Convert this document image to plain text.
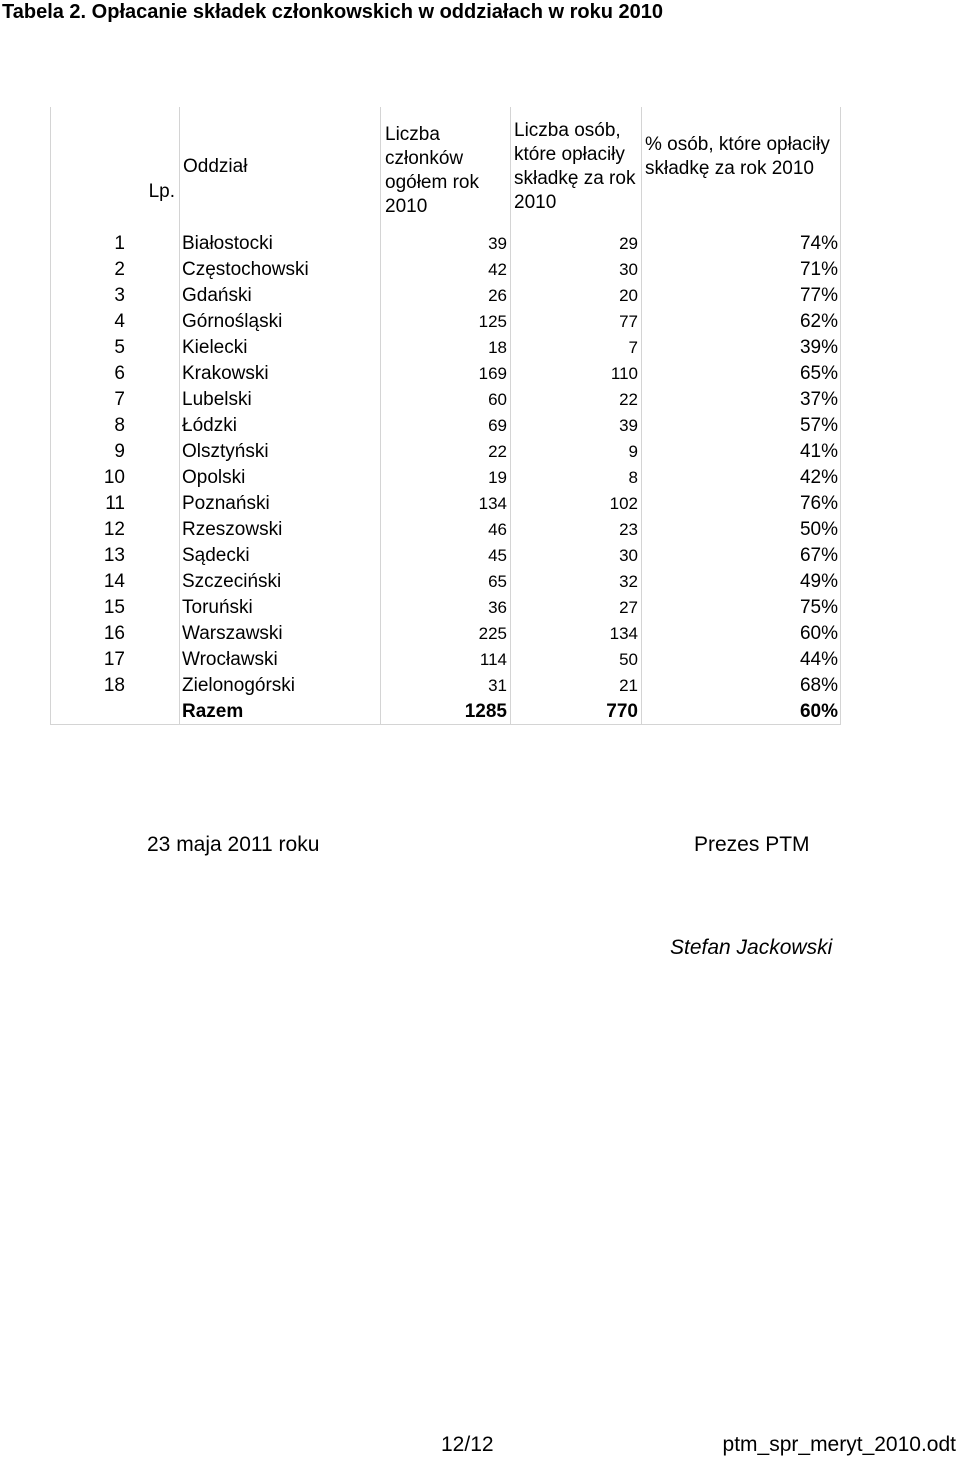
Tabela 2. Opłacanie składek członkowskich w oddziałach w roku 2010
Lp.	Oddział	Liczba członków ogółem rok 2010	Liczba osób, które opłaciły składkę za rok 2010	% osób, które opłaciły składkę za rok 2010

1	Białostocki	39	29	74%
2	Częstochowski	42	30	71%
3	Gdański	26	20	77%
4	Górnośląski	125	77	62%
5	Kielecki	18	7	39%
6	Krakowski	169	110	65%
7	Lubelski	60	22	37%
8	Łódzki	69	39	57%
9	Olsztyński	22	9	41%
10	Opolski	19	8	42%
11	Poznański	134	102	76%
12	Rzeszowski	46	23	50%
13	Sądecki	45	30	67%
14	Szczeciński	65	32	49%
15	Toruński	36	27	75%
16	Warszawski	225	134	60%
17	Wrocławski	114	50	44%
18	Zielonogórski	31	21	68%
	Razem	1285	770	60%
23 maja 2011 roku	Prezes PTM
Stefan Jackowski
12/12	ptm_spr_meryt_2010.odt
